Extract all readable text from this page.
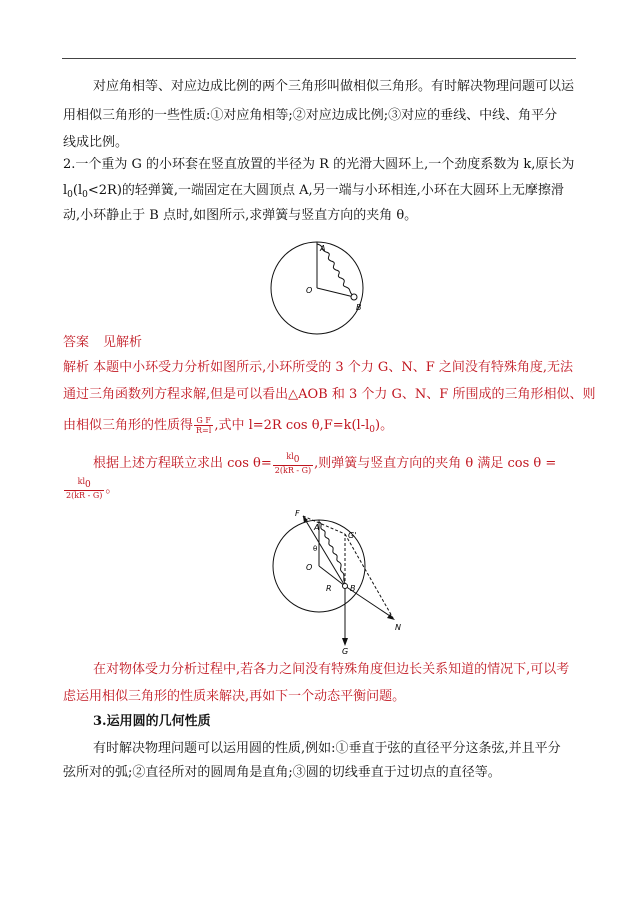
对应角相等、对应边成比例的两个三角形叫做相似三角形。有时解决物理问题可以运
用相似三角形的一些性质:①对应角相等;②对应边成比例;③对应的垂线、中线、角平分
线成比例。
2.一个重为 G 的小环套在竖直放置的半径为 R 的光滑大圆环上,一个劲度系数为 k,原长为
$l_0(l_0<2R)$的轻弹簧,一端固定在大圆顶点 A,另一端与小环相连,小环在大圆环上无摩擦滑
动,小环静止于 B 点时,如图所示,求弹簧与竖直方向的夹角 θ。
A
O
B
答案 见解析
解析 本题中小环受力分析如图所示,小环所受的 3 个力 G、N、F 之间没有特殊角度,无法
通过三角函数列方程求解,但是可以看出△AOB 和 3 个力 G、N、F 所围成的三角形相似、则
由相似三角形的性质得 $\frac{\text{G F}}{R=l}$ ,式中 l=2R $\cos \theta,F=k(l-l_0)$。
根据上述方程联立求出 $\cos \theta= \frac{kl0}{2(kR - G)}$ ,则弹簧与竖直方向的夹角 θ 满足 cos θ =
$\frac{kl0}{2(kR - G)}$ 。
F
A
θ
O
R B
G'
N
G
在对物体受力分析过程中,若各力之间没有特殊角度但边长关系知道的情况下,可以考
虑运用相似三角形的性质来解决,再如下一个动态平衡问题。
3.运用圆的几何性质
有时解决物理问题可以运用圆的性质,例如:①垂直于弦的直径平分这条弦,并且平分
弦所对的弧;②直径所对的圆周角是直角;③圆的切线垂直于过切点的直径等。
